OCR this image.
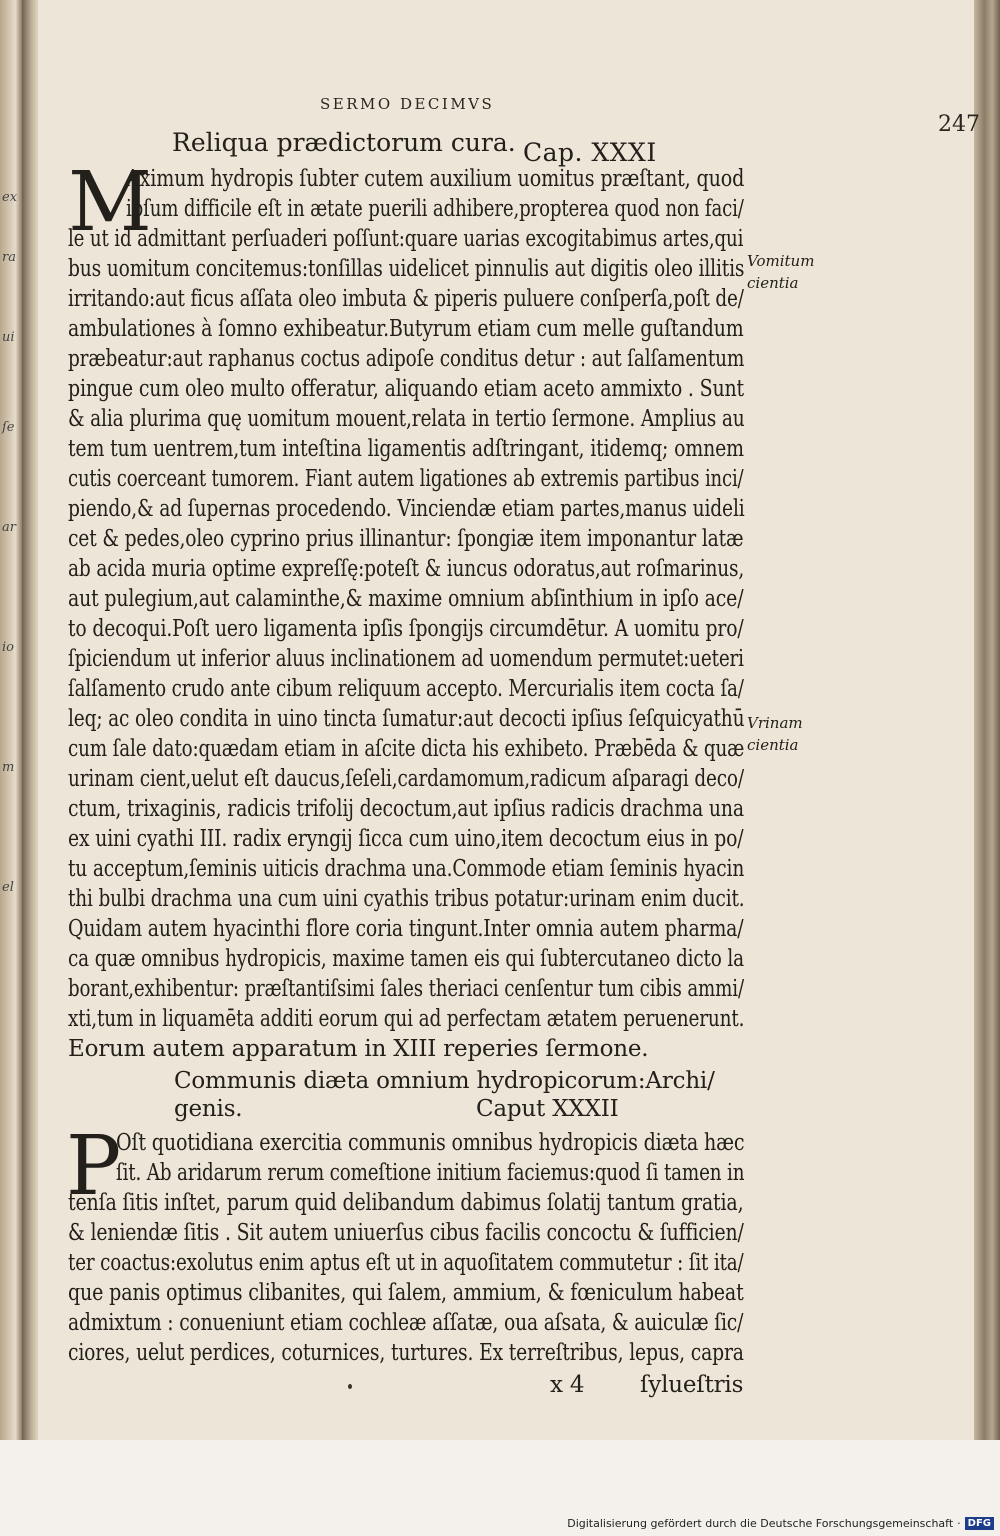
ex
ra
ui
ſe
ar
io
m
el
SERMO DECIMVS
247
Reliqua prædictorum cura. Cap. XXXI
M
Aximum hydropis ſubter cutem auxilium uomitus præſtant, quod
ipſum difficile eſt in ætate puerili adhibere,propterea quod non faci/
le ut id admittant perſuaderi poſſunt:quare uarias excogitabimus artes,qui
bus uomitum concitemus:tonſillas uidelicet pinnulis aut digitis oleo illitis
irritando:aut ficus aſſata oleo imbuta & piperis puluere conſperſa,poſt de/
ambulationes à ſomno exhibeatur.Butyrum etiam cum melle guſtandum
præbeatur:aut raphanus coctus adipoſe conditus detur : aut ſalſamentum
pingue cum oleo multo offeratur, aliquando etiam aceto ammixto . Sunt
& alia plurima quę uomitum mouent,relata in tertio ſermone. Amplius au
tem tum uentrem,tum inteſtina ligamentis adſtringant, itidemq; omnem
cutis coerceant tumorem. Fiant autem ligationes ab extremis partibus inci/
piendo,& ad ſupernas procedendo. Vinciendæ etiam partes,manus uideli
cet & pedes,oleo cyprino prius illinantur: ſpongiæ item imponantur latæ
ab acida muria optime expreſſę:poteſt & iuncus odoratus,aut roſmarinus,
aut pulegium,aut calaminthe,& maxime omnium abſinthium in ipſo ace/
to decoqui.Poſt uero ligamenta ipſis ſpongijs circumdētur. A uomitu pro/
ſpiciendum ut inferior aluus inclinationem ad uomendum permutet:ueteri
ſalſamento crudo ante cibum reliquum accepto. Mercurialis item cocta ſa/
leq; ac oleo condita in uino tincta ſumatur:aut decocti ipſius ſeſquicyathū
cum ſale dato:quædam etiam in aſcite dicta his exhibeto. Præbēda & quæ
urinam cient,uelut eſt daucus,ſeſeli,cardamomum,radicum aſparagi deco/
ctum, trixaginis, radicis trifolij decoctum,aut ipſius radicis drachma una
ex uini cyathi III. radix eryngij ſicca cum uino,item decoctum eius in po/
tu acceptum,ſeminis uiticis drachma una.Commode etiam ſeminis hyacin
thi bulbi drachma una cum uini cyathis tribus potatur:urinam enim ducit.
Quidam autem hyacinthi flore coria tingunt.Inter omnia autem pharma/
ca quæ omnibus hydropicis, maxime tamen eis qui ſubtercutaneo dicto la
borant,exhibentur: præſtantiſsimi ſales theriaci cenſentur tum cibis ammi/
xti,tum in liquamēta additi eorum qui ad perfectam ætatem peruenerunt.
Eorum autem apparatum in XIII reperies ſermone.
Vomitum
cientia
Vrinam
cientia
Communis diæta omnium hydropicorum:Archi/
genis.	Caput XXXII
P
Oſt quotidiana exercitia communis omnibus hydropicis diæta hæc
ſit. Ab aridarum rerum comeſtione initium faciemus:quod ſi tamen in
tenſa ſitis inſtet, parum quid delibandum dabimus ſolatij tantum gratia,
& leniendæ ſitis . Sit autem uniuerſus cibus facilis concoctu & ſufficien/
ter coactus:exolutus enim aptus eſt ut in aquoſitatem commutetur : ſit ita/
que panis optimus clibanites, qui ſalem, ammium, & fœniculum habeat
admixtum : conueniunt etiam cochleæ aſſatæ, oua aſsata, & auiculæ ſic/
ciores, uelut perdices, coturnices, turtures. Ex terreſtribus, lepus, capra
x 4 ſylueſtris
Digitalisierung gefördert durch die Deutsche Forschungsgemeinschaft · DFG
